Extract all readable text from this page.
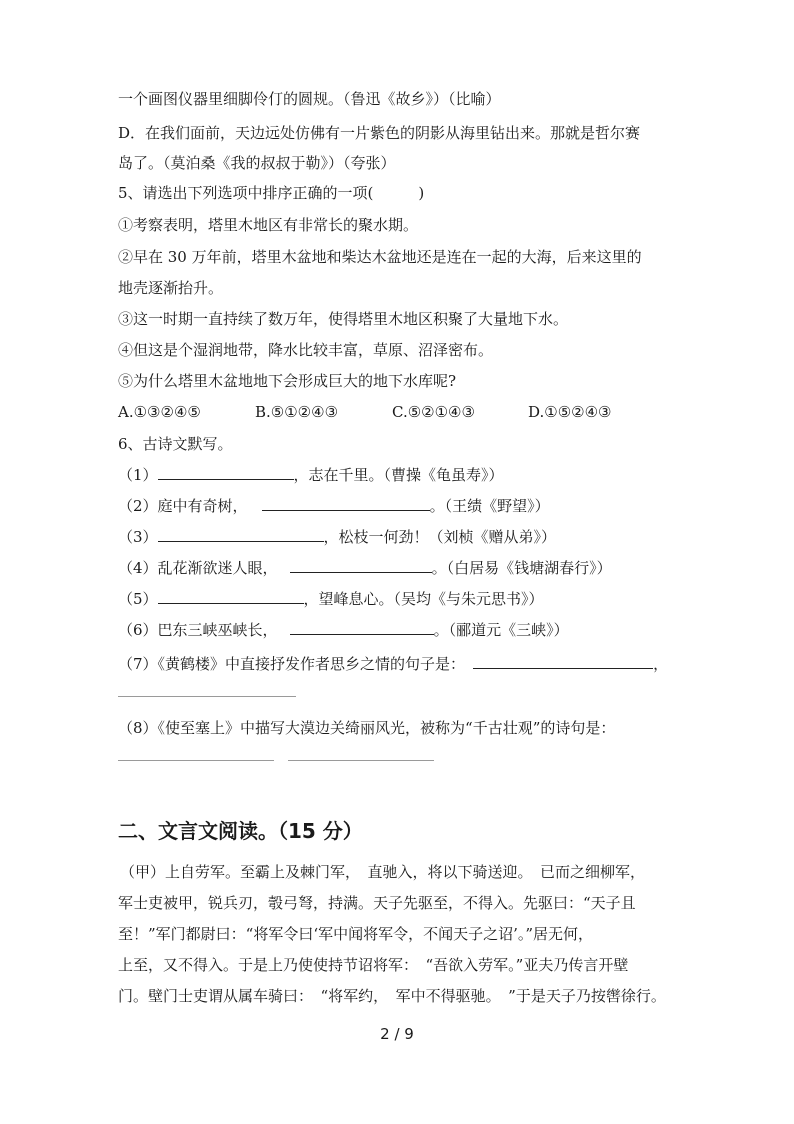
一个画图仪器里细脚伶仃的圆规。（鲁迅《故乡》）（比喻）
D．在我们面前，天边远处仿佛有一片紫色的阴影从海里钻出来。那就是哲尔赛
岛了。（莫泊桑《我的叔叔于勒》）（夸张）
5、请选出下列选项中排序正确的一项(　　　)
①考察表明，塔里木地区有非常长的聚水期。
②早在 30 万年前，塔里木盆地和柴达木盆地还是连在一起的大海，后来这里的
地壳逐渐抬升。
③这一时期一直持续了数万年，使得塔里木地区积聚了大量地下水。
④但这是个湿润地带，降水比较丰富，草原、沼泽密布。
⑤为什么塔里木盆地地下会形成巨大的地下水库呢?
A.①③②④⑤	B.⑤①②④③	C.⑤②①④③	D.①⑤②④③
6、古诗文默写。
（1）	，志在千里。（曹操《龟虽寿》）
（2）庭中有奇树，	。（王绩《野望》）
（3）	，松枝一何劲！（刘桢《赠从弟》）
（4）乱花渐欲迷人眼，	。（白居易《钱塘湖春行》）
（5）	，望峰息心。（吴均《与朱元思书》）
（6）巴东三峡巫峡长，	。（郦道元《三峡》）
（7）《黄鹤楼》中直接抒发作者思乡之情的句子是：	，
（8）《使至塞上》中描写大漠边关绮丽风光，被称为“千古壮观”的诗句是：
二、文言文阅读。（15 分）
（甲）上自劳军。至霸上及棘门军，　直驰入，将以下骑送迎。　已而之细柳军，
军士吏被甲，锐兵刃，彀弓弩，持满。天子先驱至，不得入。先驱曰：“天子且
至！”军门都尉曰：“将军令曰‘军中闻将军令，不闻天子之诏’。”居无何，
上至，又不得入。于是上乃使使持节诏将军：　“吾欲入劳军。”亚夫乃传言开壁
门。壁门士吏谓从属车骑曰：　“将军约，　军中不得驱驰。　”于是天子乃按辔徐行。
2 / 9
